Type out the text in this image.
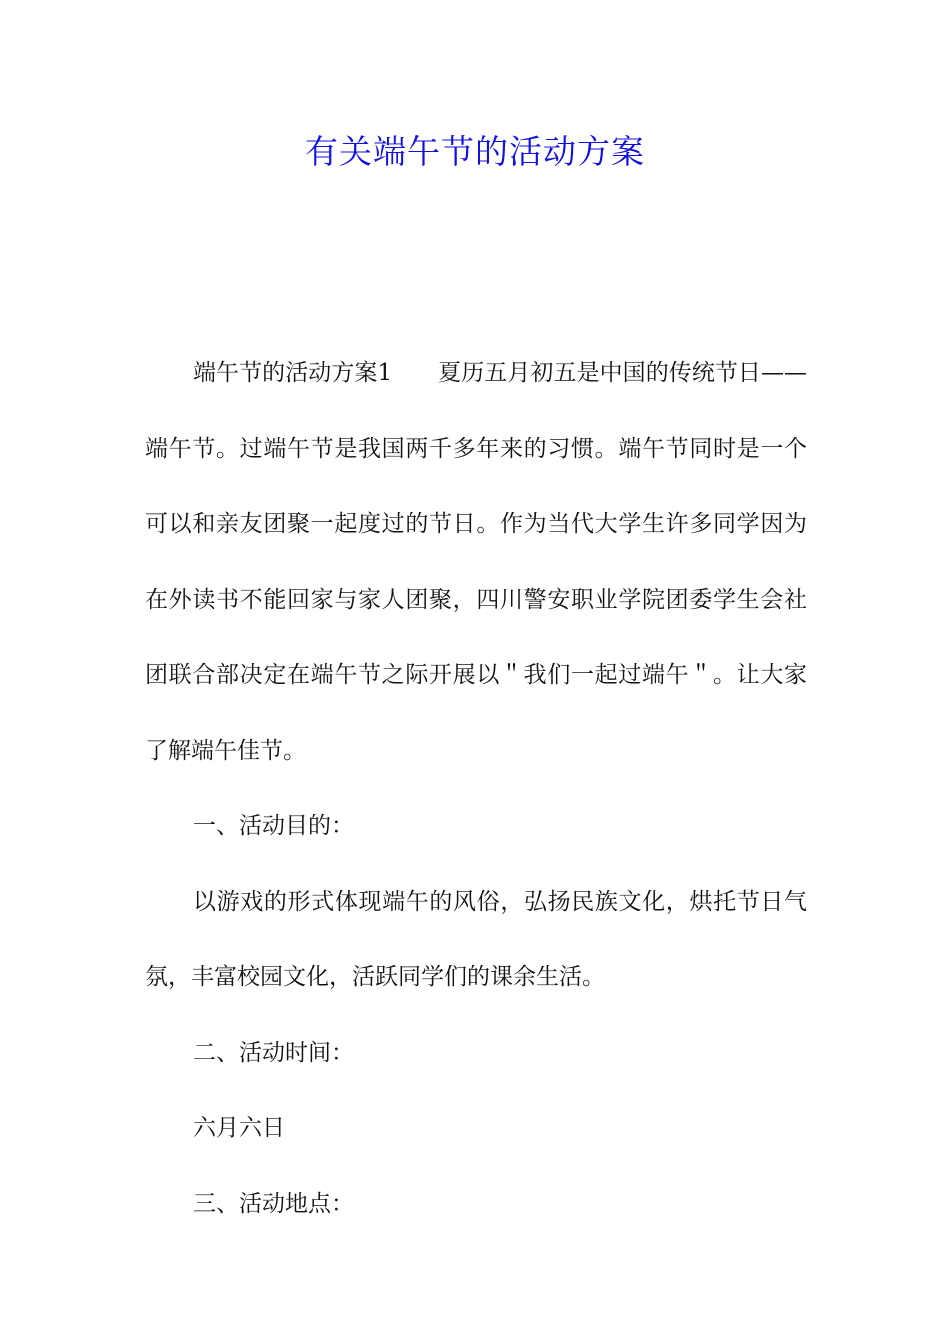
有关端午节的活动方案

端午节的活动方案1 夏历五月初五是中国的传统节日——端午节。过端午节是我国两千多年来的习惯。端午节同时是一个可以和亲友团聚一起度过的节日。作为当代大学生许多同学因为在外读书不能回家与家人团聚，四川警安职业学院团委学生会社团联合部决定在端午节之际开展以＂我们一起过端午＂。让大家了解端午佳节。

一、活动目的：

以游戏的形式体现端午的风俗，弘扬民族文化，烘托节日气氛，丰富校园文化，活跃同学们的课余生活。

二、活动时间：

六月六日

三、活动地点：
